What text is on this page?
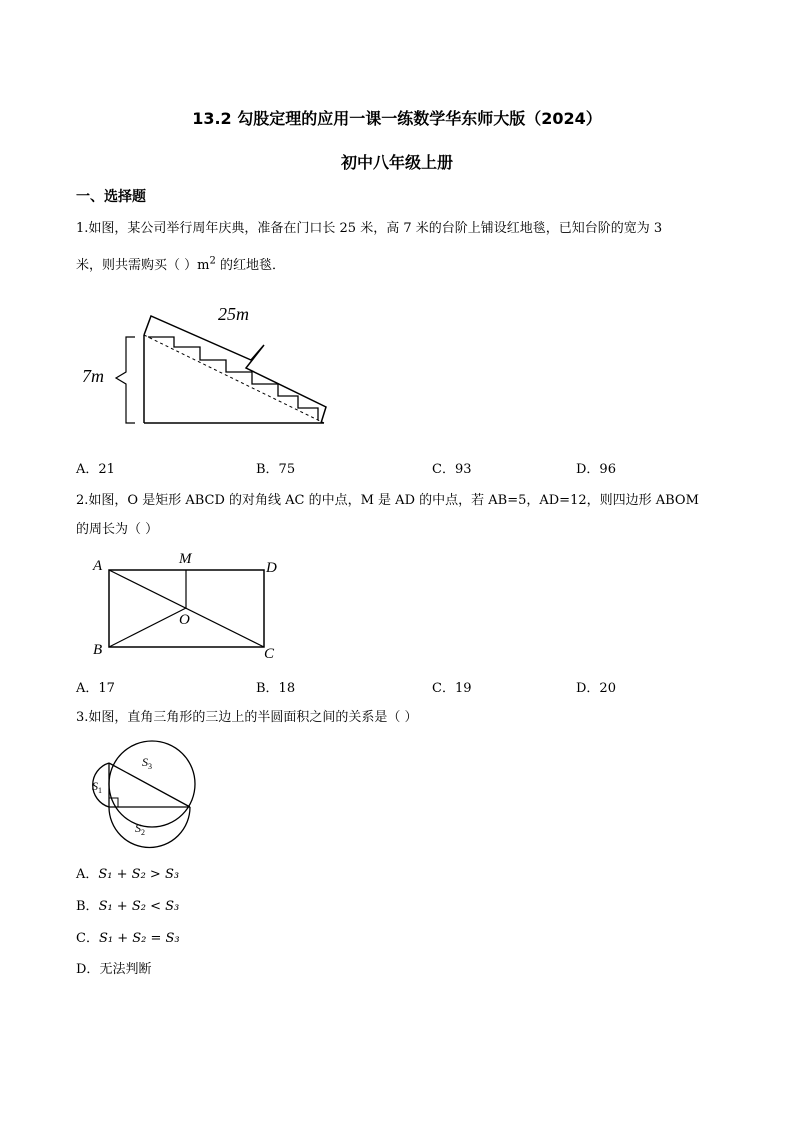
13.2 勾股定理的应用一课一练数学华东师大版（2024）
初中八年级上册
一、选择题
1.如图，某公司举行周年庆典，准备在门口长 25 米，高 7 米的台阶上铺设红地毯，已知台阶的宽为 3
米，则共需购买（ ）$m^2$ 的红地毯．
7m
25m
A．21	B．75	C．93	D．96
2.如图，O 是矩形 ABCD 的对角线 AC 的中点，M 是 AD 的中点，若 AB=5，AD=12，则四边形 ABOM
的周长为（ ）
A
B	C
D
M
O
A．17	B．18	C．19	D．20
3.如图，直角三角形的三边上的半圆面积之间的关系是（ ）
$S_1$
$S_2$
$S_3$
A．S₁ + S₂ > S₃
B．S₁ + S₂ < S₃
C．S₁ + S₂ = S₃
D．无法判断
